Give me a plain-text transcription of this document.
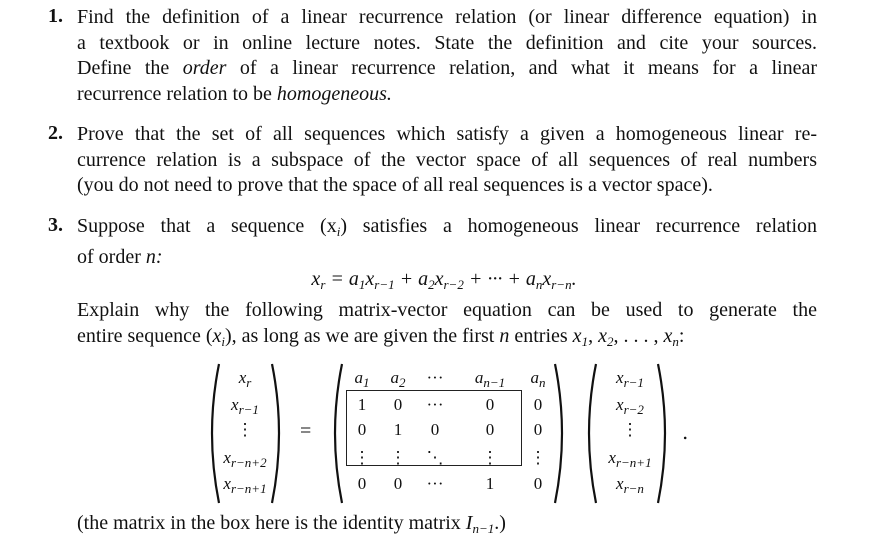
1. Find the definition of a linear recurrence relation (or linear difference equation) in
a textbook or in online lecture notes. State the definition and cite your sources.
Define the order of a linear recurrence relation, and what it means for a linear
recurrence relation to be homogeneous.
2. Prove that the set of all sequences which satisfy a given a homogeneous linear re-
currence relation is a subspace of the vector space of all sequences of real numbers
(you do not need to prove that the space of all real sequences is a vector space).
3. Suppose that a sequence $(x_i)$ satisfies a homogeneous linear recurrence relation
of order n:
$x_r = a_1x_{r-1} + a_2x_{r-2}$ + ··· + $a_nx_{r-n}$.
Explain why the following matrix-vector equation can be used to generate the
entire sequence $(x_i)$, as long as we are given the first n entries $x_1$, $x_2$, . . . , $x_n$:
=	.
$x_r$
$x_{r-1}$
⋮
$x_{r-n+2}$
$x_{r-n+1}$
$a_1$
1
0
⋮
0
$a_2$
0
1
⋮
0
···
···
0
⋱
···
$a_{n-1}$
0
0
⋮
1
$a_n$
0
0
⋮
0
$x_{r-1}$
$x_{r-2}$
⋮
$x_{r-n+1}$
$x_{r-n}$
(the matrix in the box here is the identity matrix $I_{n-1}$.)
